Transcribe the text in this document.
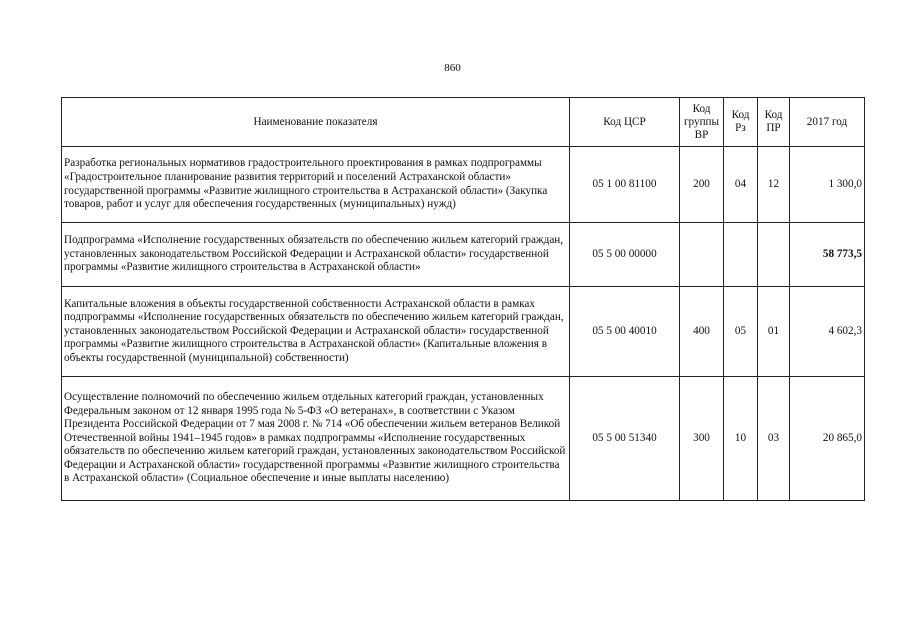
860
Наименование показателя	Код ЦСР	Код группы ВР	Код Рз	Код ПР	2017 год
Разработка региональных нормативов градостроительного проектирования в рамках подпрограммы «Градостроительное планирование развития территорий и поселений Астраханской области» государственной программы «Развитие жилищного строительства в Астраханской области» (Закупка товаров, работ и услуг для обеспечения государственных (муниципальных) нужд)	05 1 00 81100	200	04	12	1 300,0
Подпрограмма «Исполнение государственных обязательств по обеспечению жильем категорий граждан, установленных законодательством Российской Федерации и Астраханской области» государственной программы «Развитие жилищного строительства в Астраханской области»	05 5 00 00000				58 773,5
Капитальные вложения в объекты государственной собственности Астраханской области в рамках подпрограммы «Исполнение государственных обязательств по обеспечению жильем категорий граждан, установленных законодательством Российской Федерации и Астраханской области» государственной программы «Развитие жилищного строительства в Астраханской области» (Капитальные вложения в объекты государственной (муниципальной) собственности)	05 5 00 40010	400	05	01	4 602,3
Осуществление полномочий по обеспечению жильем отдельных категорий граждан, установленных Федеральным законом от 12 января 1995 года № 5-ФЗ «О ветеранах», в соответствии с Указом Президента Российской Федерации от 7 мая 2008 г. № 714 «Об обеспечении жильем ветеранов Великой Отечественной войны 1941–1945 годов» в рамках подпрограммы «Исполнение государственных обязательств по обеспечению жильем категорий граждан, установленных законодательством Российской Федерации и Астраханской области» государственной программы «Развитие жилищного строительства в Астраханской области» (Социальное обеспечение и иные выплаты населению)	05 5 00 51340	300	10	03	20 865,0
